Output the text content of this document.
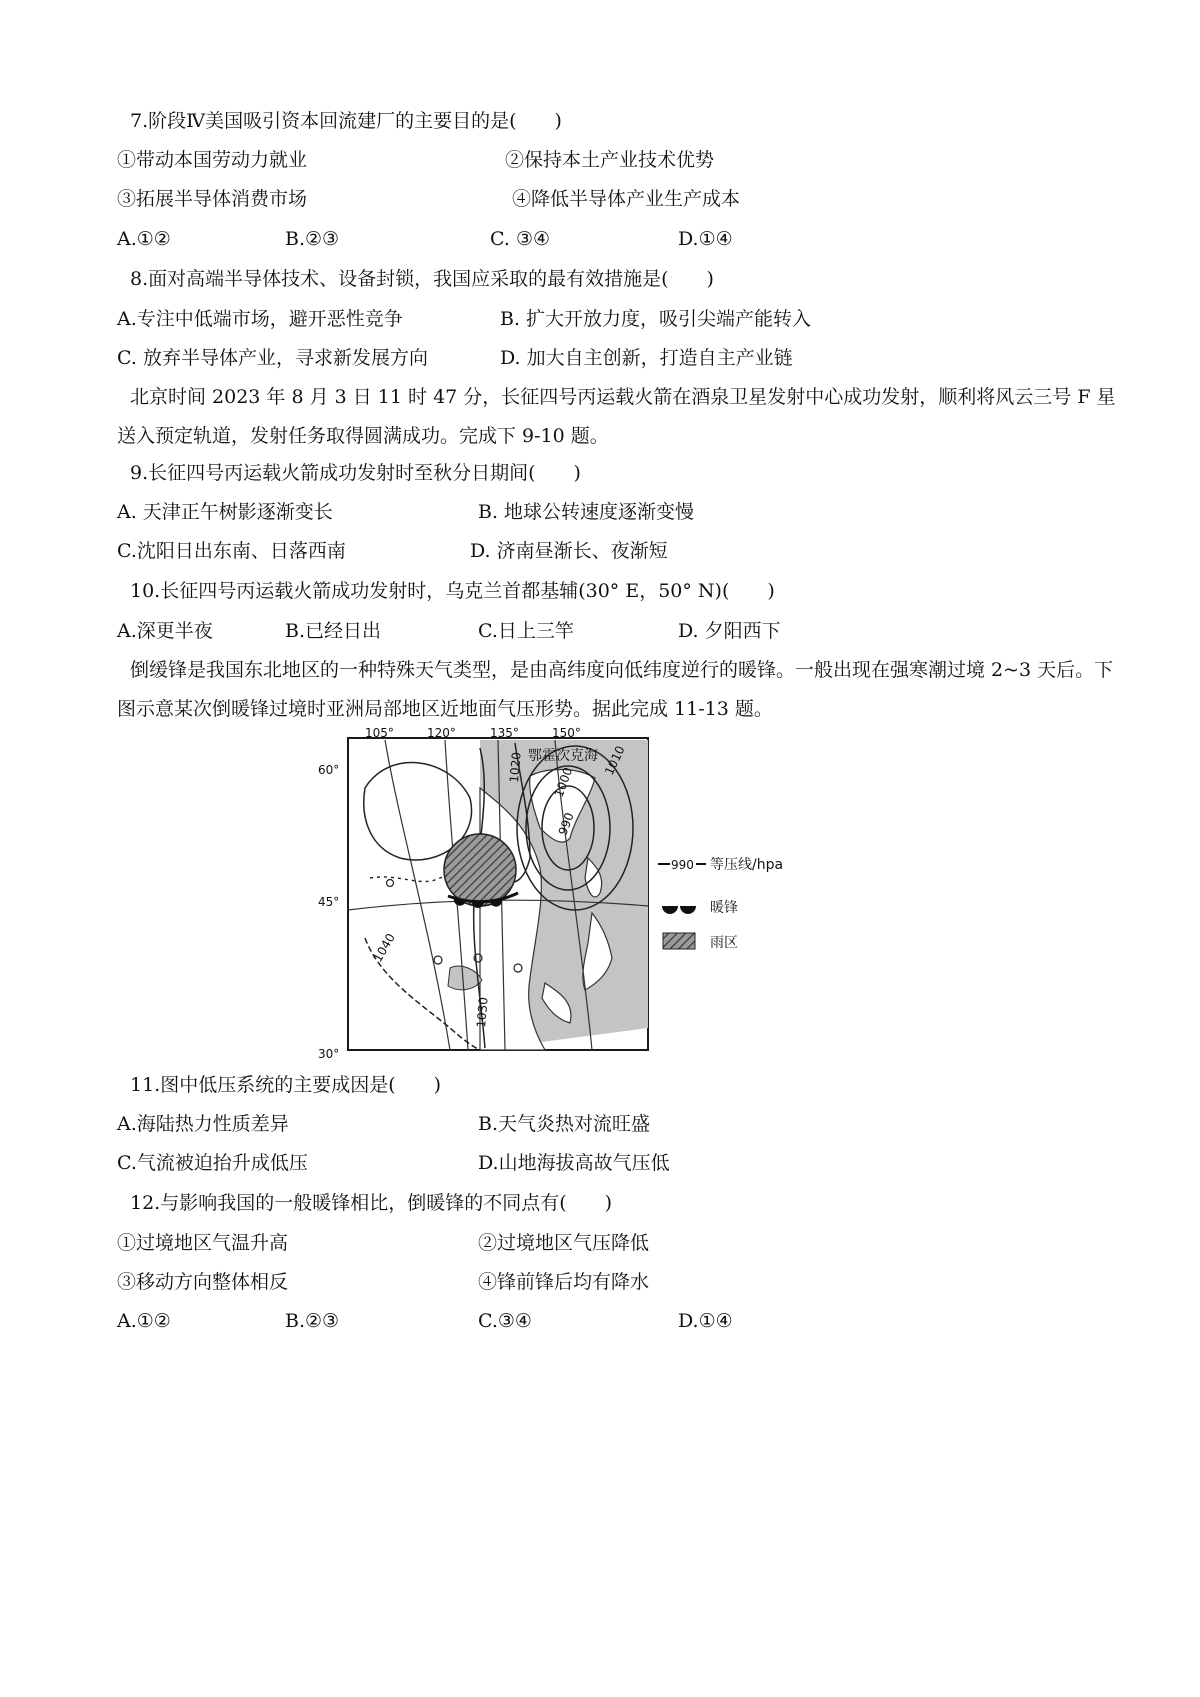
7.阶段Ⅳ美国吸引资本回流建厂的主要目的是(　　)
①带动本国劳动力就业	②保持本土产业技术优势
③拓展半导体消费市场	④降低半导体产业生产成本
A.①②	B.②③	C. ③④	D.①④
8.面对高端半导体技术、设备封锁，我国应采取的最有效措施是(　　)
A.专注中低端市场，避开恶性竞争	B. 扩大开放力度，吸引尖端产能转入
C. 放弃半导体产业，寻求新发展方向	D. 加大自主创新，打造自主产业链
北京时间 2023 年 8 月 3 日 11 时 47 分，长征四号丙运载火箭在酒泉卫星发射中心成功发射，顺利将风云三号 F 星送入预定轨道，发射任务取得圆满成功。完成下 9-10 题。
9.长征四号丙运载火箭成功发射时至秋分日期间(　　)
A. 天津正午树影逐渐变长	B. 地球公转速度逐渐变慢
C.沈阳日出东南、日落西南	D. 济南昼渐长、夜渐短
10.长征四号丙运载火箭成功发射时，乌克兰首都基辅(30° E，50° N)(　　)
A.深更半夜	B.已经日出	C.日上三竿	D. 夕阳西下
倒缓锋是我国东北地区的一种特殊天气类型，是由高纬度向低纬度逆行的暖锋。一般出现在强寒潮过境 2~3 天后。下图示意某次倒暖锋过境时亚洲局部地区近地面气压形势。据此完成 11-13 题。
105°	120°	135°	150°
60°
45°
30°
鄂霍次克海
1040
1030
1020 1000
1010
990
990 等压线/hpa
暖锋
雨区
11.图中低压系统的主要成因是(　　)
A.海陆热力性质差异	B.天气炎热对流旺盛
C.气流被迫抬升成低压	D.山地海拔高故气压低
12.与影响我国的一般暖锋相比，倒暖锋的不同点有(　　)
①过境地区气温升高	②过境地区气压降低
③移动方向整体相反	④锋前锋后均有降水
A.①②	B.②③	C.③④	D.①④
